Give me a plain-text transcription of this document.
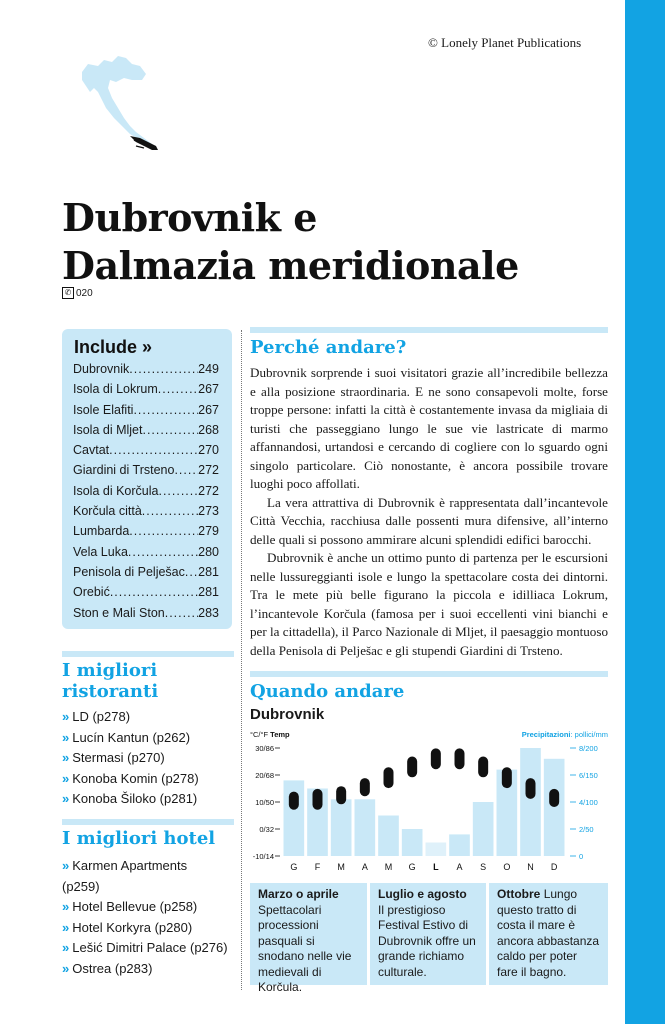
© Lonely Planet Publications
Dubrovnik e
Dalmazia meridionale
✆ 020
Include »
Dubrovnik .....	249
Isola di Lokrum .....	267
Isole Elafiti .....	267
Isola di Mljet .....	268
Cavtat .....	270
Giardini di Trsteno ..... 272
Isola di Korčula .....	272
Korčula città .....	273
Lumbarda .....	279
Vela Luka .....	280
Penisola di Pelješac ..... 281
Orebić .....	281
Ston e Mali Ston .....	283
I migliori
ristoranti
» LD (p278)
» Lucín Kantun (p262)
» Stermasi (p270)
» Konoba Komin (p278)
» Konoba Šiloko (p281)
I migliori hotel
» Karmen Apartments
(p259)
» Hotel Bellevue (p258)
» Hotel Korkyra (p280)
» Lešić Dimitri Palace (p276)
» Ostrea (p283)
Perché andare?

Dubrovnik sorprende i suoi visitatori grazie all’incredibile bellezza e alla posizione straordinaria. E ne sono consapevoli molte, forse troppe persone: infatti la città è costantemente invasa da migliaia di turisti che passeggiano lungo le sue vie lastricate di marmo affannandosi, urtandosi e cercando di cogliere con lo sguardo ogni singolo particolare. Ciò nonostante, è ancora possibile trovare luoghi poco affollati.

La vera attrattiva di Dubrovnik è rappresentata dall’incantevole Città Vecchia, racchiusa dalle possenti mura difensive, all’interno delle quali si possono ammirare alcuni splendidi edifici barocchi.

Dubrovnik è anche un ottimo punto di partenza per le escursioni nelle lussureggianti isole e lungo la spettacolare costa dei dintorni. Tra le mete più belle figurano la piccola e idilliaca Lokrum, l’incantevole Korčula (famosa per i suoi eccellenti vini bianchi e per la cittadella), il Parco Nazionale di Mljet, il paesaggio montuoso della Penisola di Pelješac e gli stupendi Giardini di Trsteno.

Quando andare
Dubrovnik
°C/°F Temp	Precipitazioni: pollici/mm
30/86
20/68
10/50
0/32
-10/14
8/200
6/150
4/100
2/50
0
G F M A M G L A S O N D
Marzo o aprile
Spettacolari processioni pasquali si snodano nelle vie medievali di Korčula.
Luglio e agosto
Il prestigioso Festival Estivo di Dubrovnik offre un grande richiamo culturale.
Ottobre Lungo questo tratto di costa il mare è ancora abbastanza caldo per poter fare il bagno.
